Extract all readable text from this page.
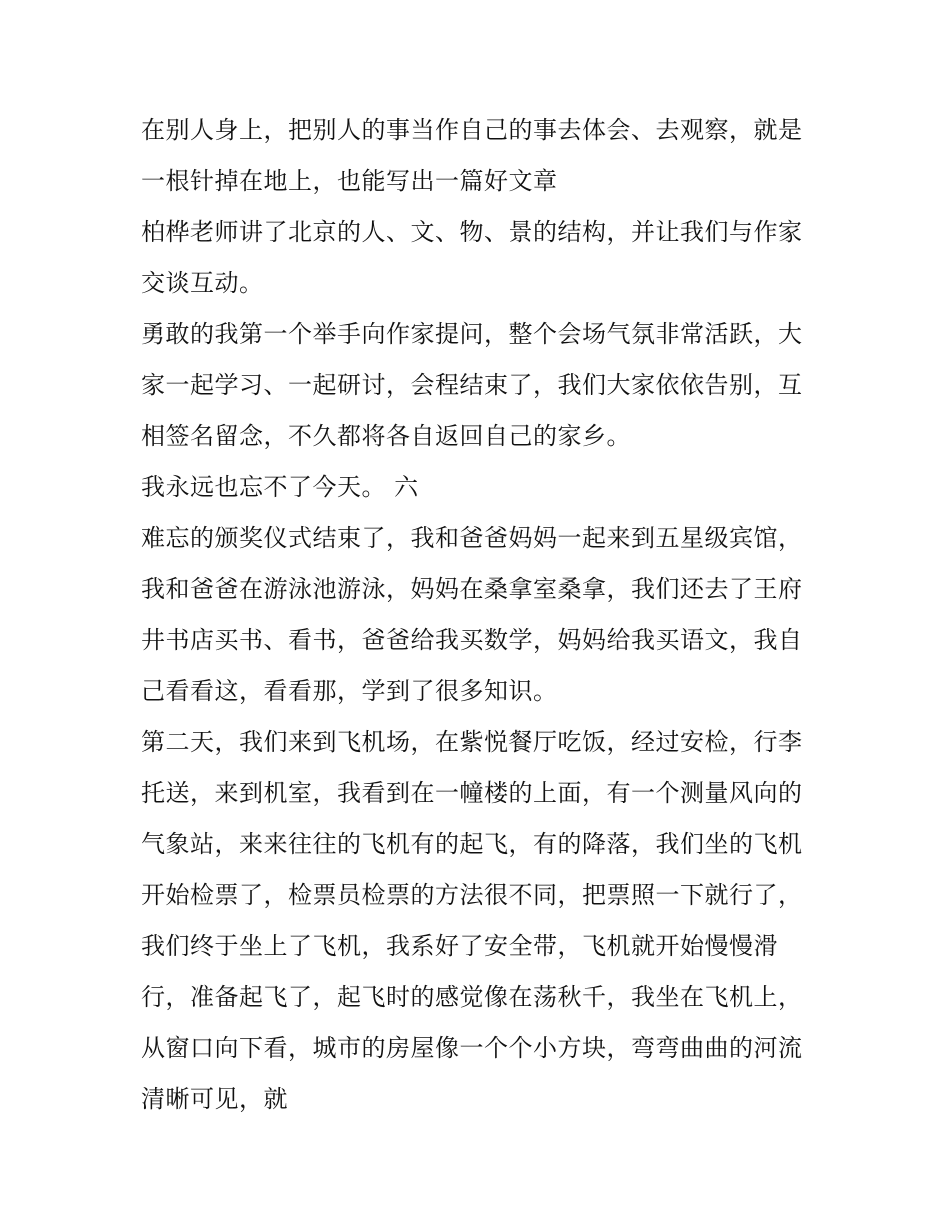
在别人身上，把别人的事当作自己的事去体会、去观察，就是
一根针掉在地上，也能写出一篇好文章
柏桦老师讲了北京的人、文、物、景的结构，并让我们与作家
交谈互动。
勇敢的我第一个举手向作家提问，整个会场气氛非常活跃，大
家一起学习、一起研讨，会程结束了，我们大家依依告别，互
相签名留念，不久都将各自返回自己的家乡。
我永远也忘不了今天。 六
难忘的颁奖仪式结束了，我和爸爸妈妈一起来到五星级宾馆，
我和爸爸在游泳池游泳，妈妈在桑拿室桑拿，我们还去了王府
井书店买书、看书，爸爸给我买数学，妈妈给我买语文，我自
己看看这，看看那，学到了很多知识。
第二天，我们来到飞机场，在紫悦餐厅吃饭，经过安检，行李
托送，来到机室，我看到在一幢楼的上面，有一个测量风向的
气象站，来来往往的飞机有的起飞，有的降落，我们坐的飞机
开始检票了，检票员检票的方法很不同，把票照一下就行了，
我们终于坐上了飞机，我系好了安全带，飞机就开始慢慢滑
行，准备起飞了，起飞时的感觉像在荡秋千，我坐在飞机上，
从窗口向下看，城市的房屋像一个个小方块，弯弯曲曲的河流
清晰可见，就
